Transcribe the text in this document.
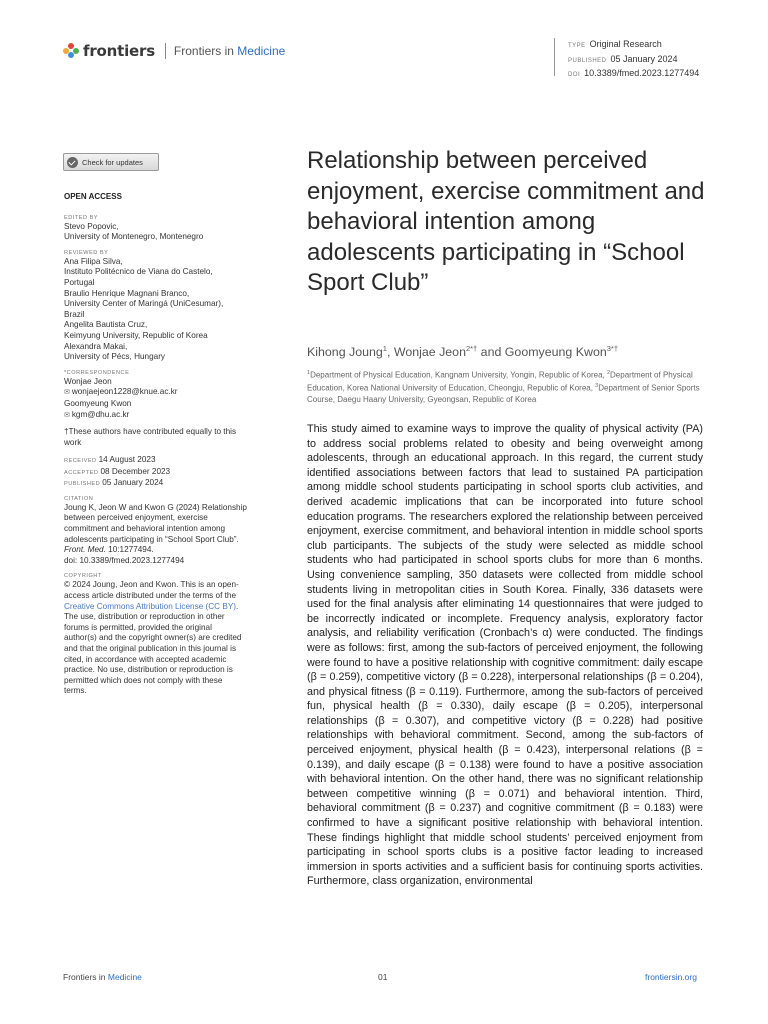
frontiers Frontiers in Medicine	TYPE Original Research
PUBLISHED 05 January 2024
DOI 10.3389/fmed.2023.1277494
Check for updates
OPEN ACCESS
EDITED BY
Stevo Popovic,
University of Montenegro, Montenegro
REVIEWED BY
Ana Filipa Silva,
Instituto Politécnico de Viana do Castelo,
Portugal
Braulio Henrique Magnani Branco,
University Center of Maringá (UniCesumar),
Brazil
Angelita Bautista Cruz,
Keimyung University, Republic of Korea
Alexandra Makai,
University of Pécs, Hungary
*CORRESPONDENCE
Wonjae Jeon
✉ wonjaejeon1228@knue.ac.kr
Goomyeung Kwon
✉ kgm@dhu.ac.kr
†These authors have contributed equally to this work
RECEIVED 14 August 2023
ACCEPTED 08 December 2023
PUBLISHED 05 January 2024
CITATION
Joung K, Jeon W and Kwon G (2024) Relationship between perceived enjoyment, exercise commitment and behavioral intention among adolescents participating in “School Sport Club”.
Front. Med. 10:1277494.
doi: 10.3389/fmed.2023.1277494
COPYRIGHT
© 2024 Joung, Jeon and Kwon. This is an open-access article distributed under the terms of the Creative Commons Attribution License (CC BY). The use, distribution or reproduction in other forums is permitted, provided the original author(s) and the copyright owner(s) are credited and that the original publication in this journal is cited, in accordance with accepted academic practice. No use, distribution or reproduction is permitted which does not comply with these terms.
Relationship between perceived enjoyment, exercise commitment and behavioral intention among adolescents participating in “School Sport Club”
Kihong Joung$^1$, Wonjae Jeon$^{2*\dagger}$ and Goomyeung Kwon$^{3*\dagger}$
$^1$Department of Physical Education, Kangnam University, Yongin, Republic of Korea, $^2$Department of Physical Education, Korea National University of Education, Cheongju, Republic of Korea, $^3$Department of Senior Sports Course, Daegu Haany University, Gyeongsan, Republic of Korea

This study aimed to examine ways to improve the quality of physical activity (PA) to address social problems related to obesity and being overweight among adolescents, through an educational approach. In this regard, the current study identified associations between factors that lead to sustained PA participation among middle school students participating in school sports club activities, and derived academic implications that can be incorporated into future school education programs. The researchers explored the relationship between perceived enjoyment, exercise commitment, and behavioral intention in middle school sports club participants. The subjects of the study were selected as middle school students who had participated in school sports clubs for more than 6 months. Using convenience sampling, 350 datasets were collected from middle school students living in metropolitan cities in South Korea. Finally, 336 datasets were used for the final analysis after eliminating 14 questionnaires that were judged to be incorrectly indicated or incomplete. Frequency analysis, exploratory factor analysis, and reliability verification (Cronbach’s α) were conducted. The findings were as follows: first, among the sub-factors of perceived enjoyment, the following were found to have a positive relationship with cognitive commitment: daily escape (β = 0.259), competitive victory (β = 0.228), interpersonal relationships (β = 0.204), and physical fitness (β = 0.119). Furthermore, among the sub-factors of perceived fun, physical health (β = 0.330), daily escape (β = 0.205), interpersonal relationships (β = 0.307), and competitive victory (β = 0.228) had positive relationships with behavioral commitment. Second, among the sub-factors of perceived enjoyment, physical health (β = 0.423), interpersonal relations (β = 0.139), and daily escape (β = 0.138) were found to have a positive association with behavioral intention. On the other hand, there was no significant relationship between competitive winning (β = 0.071) and behavioral intention. Third, behavioral commitment (β = 0.237) and cognitive commitment (β = 0.183) were confirmed to have a significant positive relationship with behavioral intention. These findings highlight that middle school students’ perceived enjoyment from participating in school sports clubs is a positive factor leading to increased immersion in sports activities and a sufficient basis for continuing sports activities. Furthermore, class organization, environmental

Frontiers in Medicine	01	frontiersin.org
